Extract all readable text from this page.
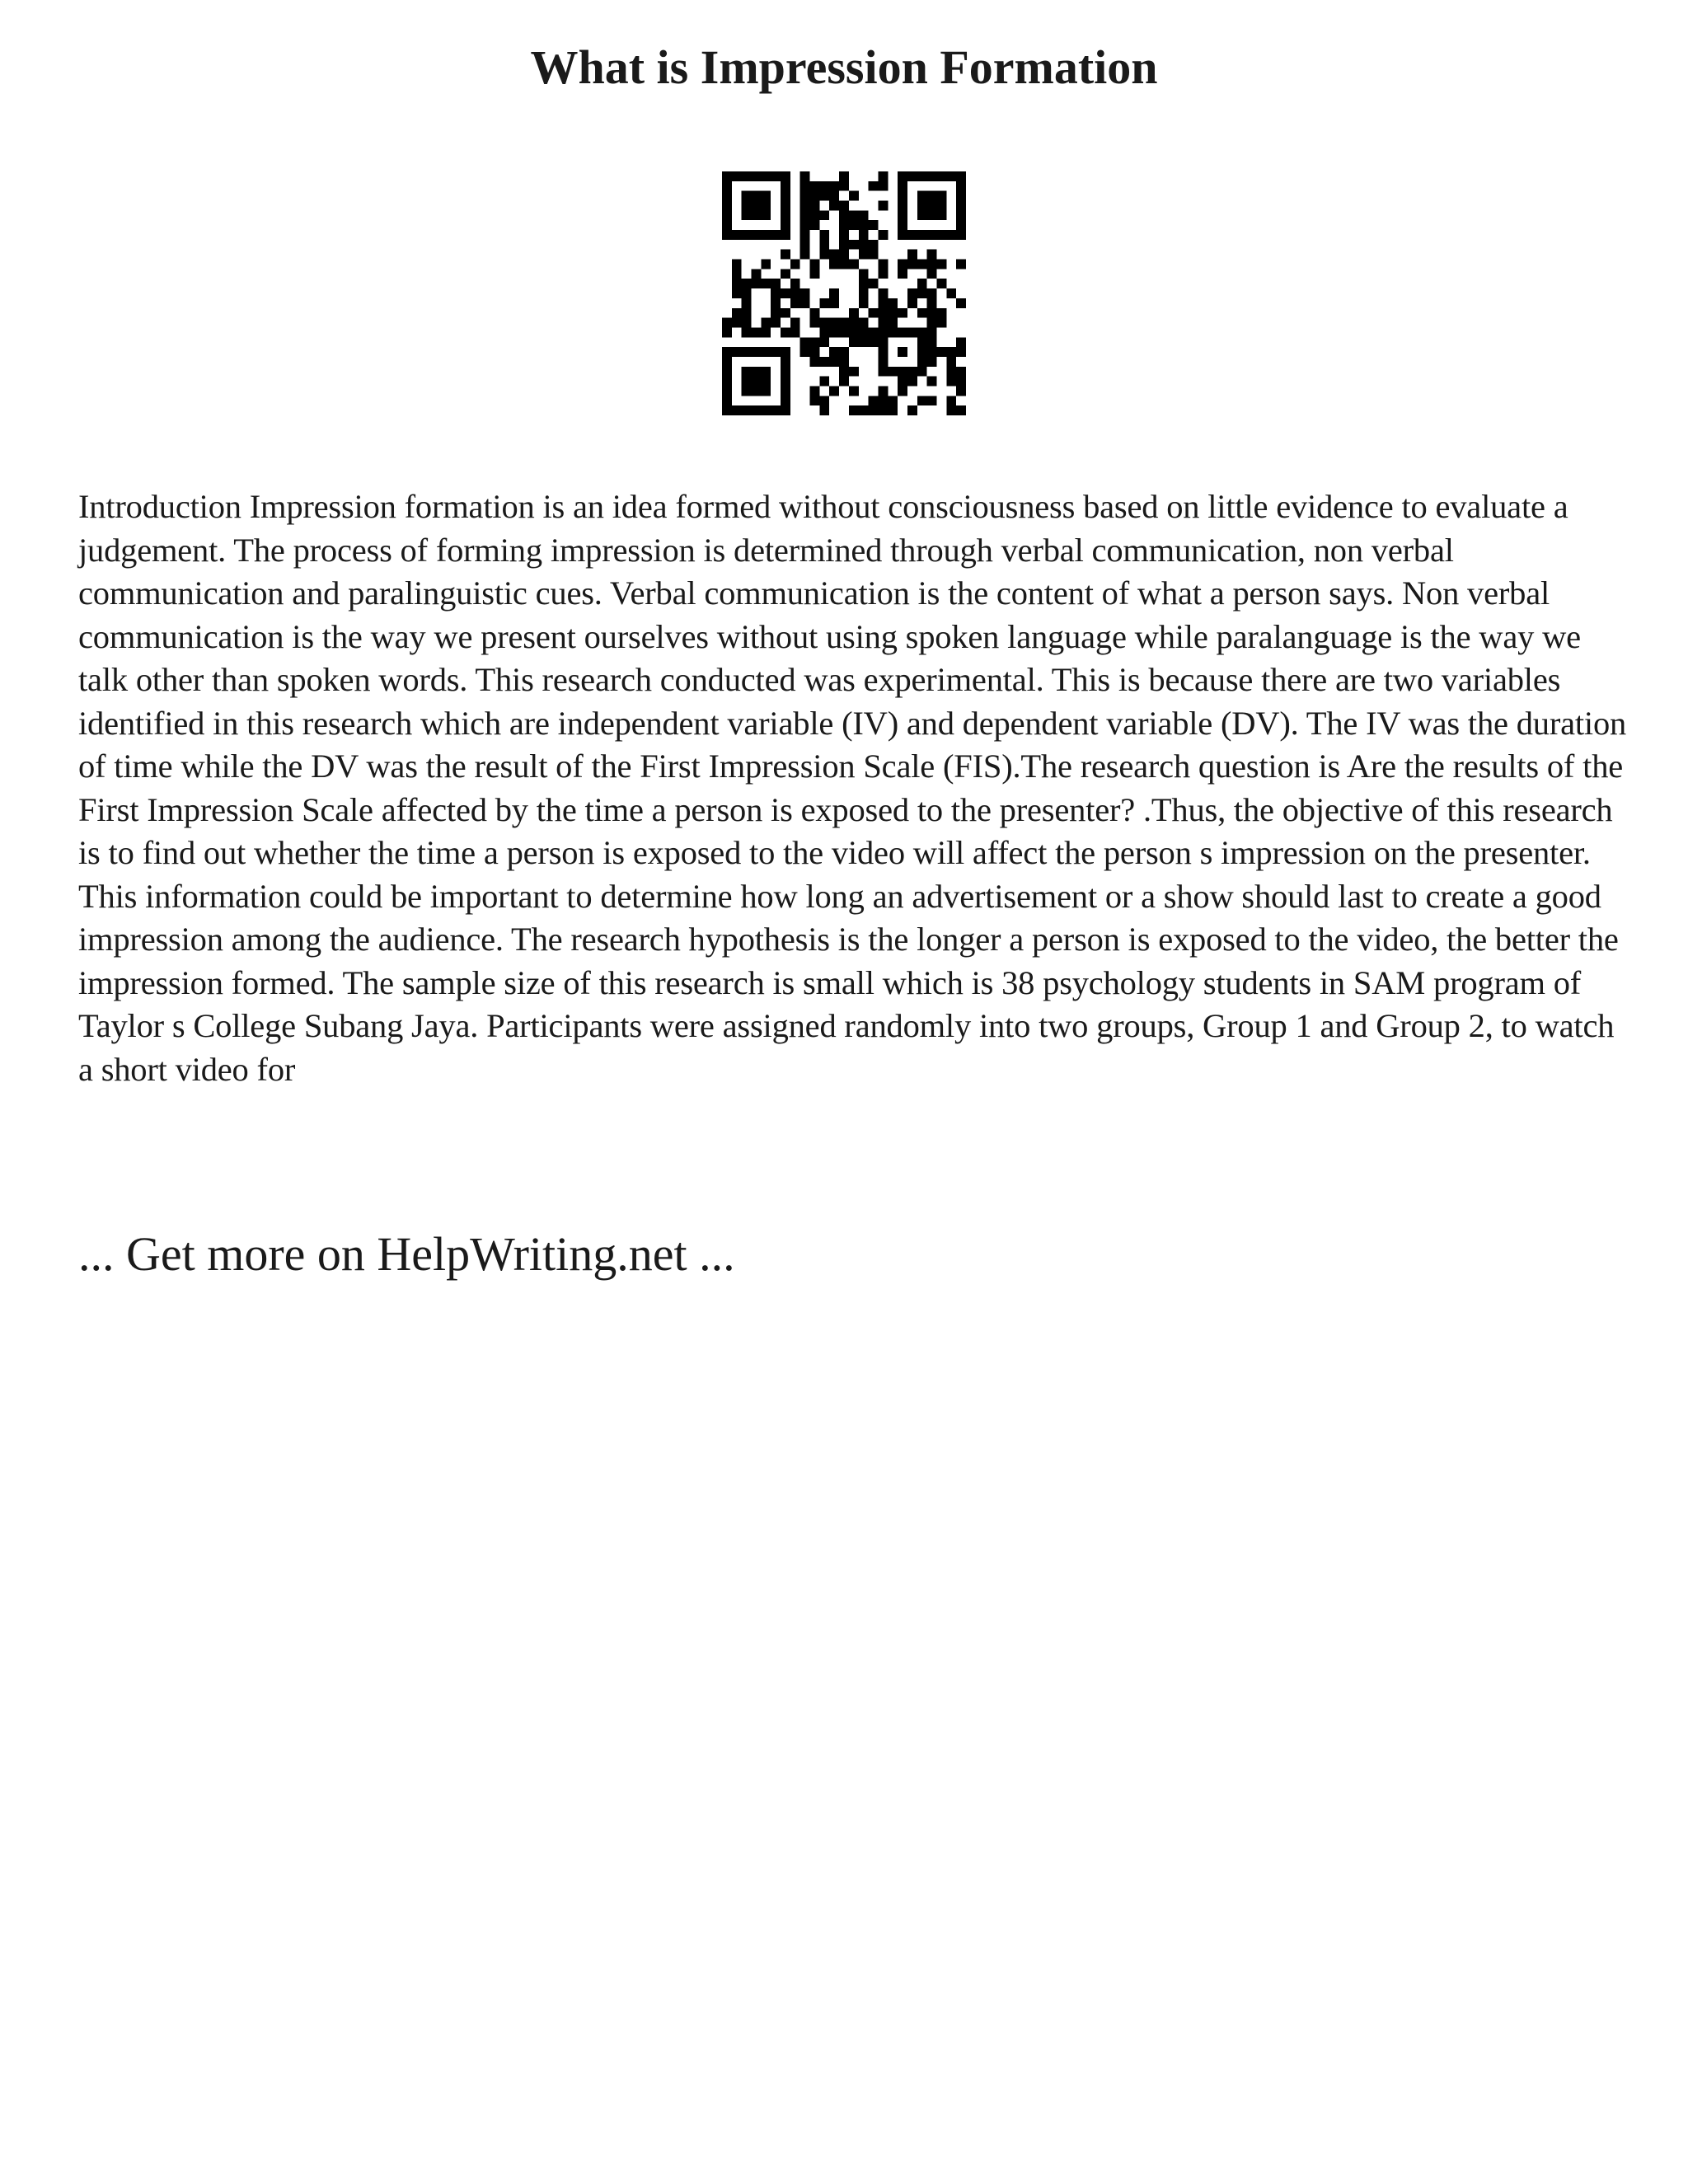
What is Impression Formation

Introduction Impression formation is an idea formed without consciousness based on little evidence to evaluate a judgement. The process of forming impression is determined through verbal communication, non verbal communication and paralinguistic cues. Verbal communication is the content of what a person says. Non verbal communication is the way we present ourselves without using spoken language while paralanguage is the way we talk other than spoken words. This research conducted was experimental. This is because there are two variables identified in this research which are independent variable (IV) and dependent variable (DV). The IV was the duration of time while the DV was the result of the First Impression Scale (FIS).The research question is Are the results of the First Impression Scale affected by the time a person is exposed to the presenter? .Thus, the objective of this research is to find out whether the time a person is exposed to the video will affect the person s impression on the presenter. This information could be important to determine how long an advertisement or a show should last to create a good impression among the audience. The research hypothesis is the longer a person is exposed to the video, the better the impression formed. The sample size of this research is small which is 38 psychology students in SAM program of Taylor s College Subang Jaya. Participants were assigned randomly into two groups, Group 1 and Group 2, to watch a short video for

... Get more on HelpWriting.net ...
